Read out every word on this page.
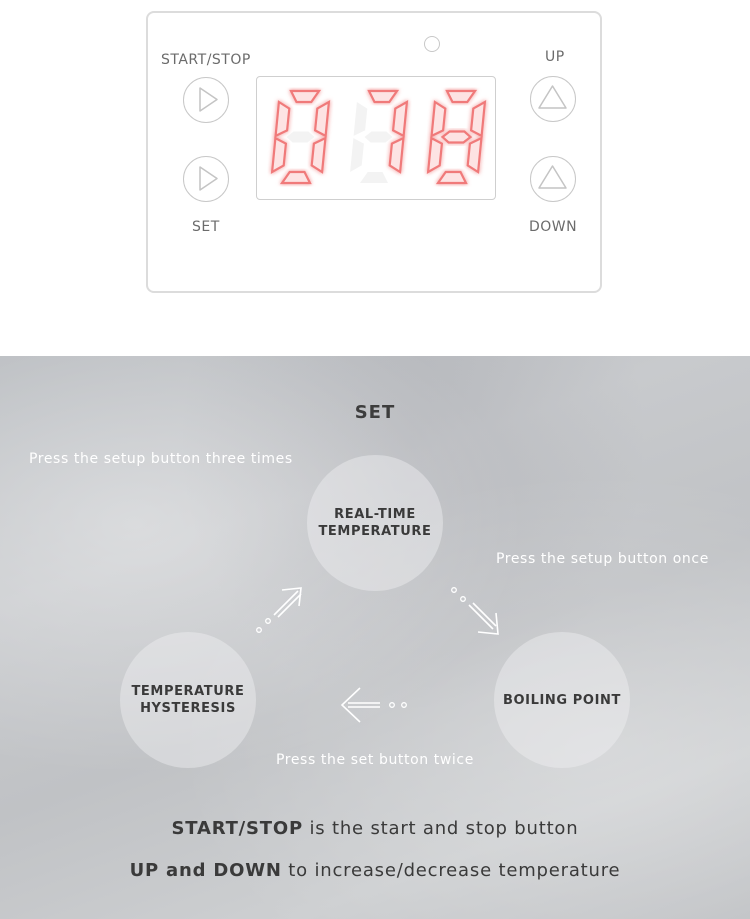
START/STOP
SET
UP
DOWN
SET
Press the setup button three times
Press the setup button once
Press the set button twice
REAL-TIME
TEMPERATURE
BOILING POINT
TEMPERATURE
HYSTERESIS
START/STOP is the start and stop button
UP and DOWN to increase/decrease temperature
